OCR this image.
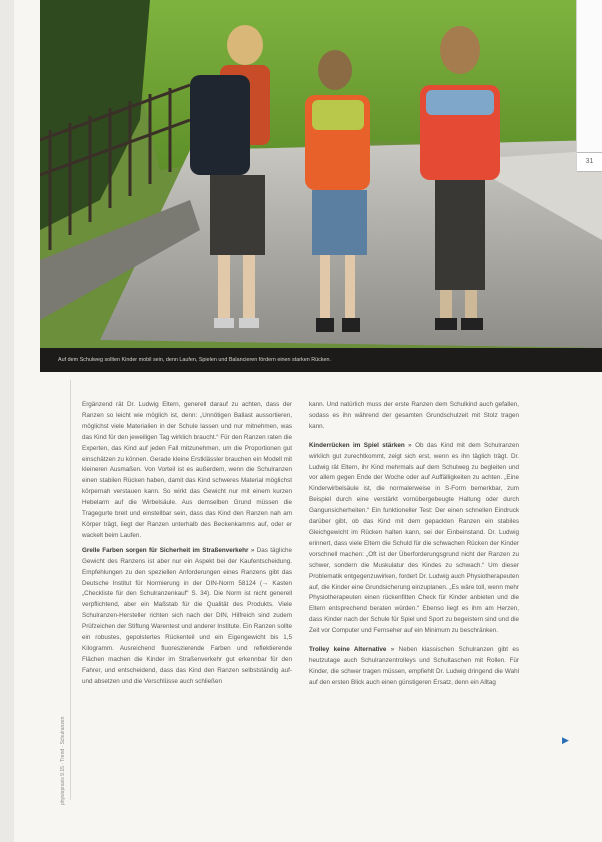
31
Auf dem Schulweg sollten Kinder mobil sein, denn Laufen, Spielen und Balancieren fördern einen starken Rücken.

Ergänzend rät Dr. Ludwig Eltern, generell darauf zu achten, dass der Ranzen so leicht wie möglich ist, denn: „Unnötigen Ballast aussortieren, möglichst viele Materialien in der Schule lassen und nur mitnehmen, was das Kind für den jeweiligen Tag wirklich braucht.“ Für den Ranzen raten die Experten, das Kind auf jeden Fall mitzunehmen, um die Proportionen gut einschätzen zu können. Gerade kleine Erstklässler brauchen ein Modell mit kleineren Ausmaßen. Von Vorteil ist es außerdem, wenn die Schulranzen einen stabilen Rücken haben, damit das Kind schweres Material möglichst körpernah verstauen kann. So wirkt das Gewicht nur mit einem kurzen Hebelarm auf die Wirbelsäule. Aus demselben Grund müssen die Tragegurte breit und einstellbar sein, dass das Kind den Ranzen nah am Körper trägt, liegt der Ranzen unterhalb des Beckenkamms auf, oder er wackelt beim Laufen.

Grelle Farben sorgen für Sicherheit im Straßenverkehr » Das tägliche Gewicht des Ranzens ist aber nur ein Aspekt bei der Kaufentscheidung. Empfehlungen zu den speziellen Anforderungen eines Ranzens gibt das Deutsche Institut für Normierung in der DIN-Norm 58124 (→ Kasten „Checkliste für den Schulranzenkauf“ S. 34). Die Norm ist nicht generell verpflichtend, aber ein Maßstab für die Qualität des Produkts. Viele Schulranzen-Hersteller richten sich nach der DIN, Hilfreich sind zudem Prüfzeichen der Stiftung Warentest und anderer Institute. Ein Ranzen sollte ein robustes, gepolstertes Rückenteil und ein Eigengewicht bis 1,5 Kilogramm. Ausreichend fluoreszierende Farben und reflektierende Flächen machen die Kinder im Straßenverkehr gut erkennbar für den Fahrer, und entscheidend, dass das Kind den Ranzen selbstständig auf- und absetzen und die Verschlüsse auch schließen

kann. Und natürlich muss der erste Ranzen dem Schulkind auch gefallen, sodass es ihn während der gesamten Grundschulzeit mit Stolz tragen kann.

Kinderrücken im Spiel stärken » Ob das Kind mit dem Schulranzen wirklich gut zurechtkommt, zeigt sich erst, wenn es ihn täglich trägt. Dr. Ludwig rät Eltern, ihr Kind mehrmals auf dem Schulweg zu begleiten und vor allem gegen Ende der Woche oder auf Auffälligkeiten zu achten. „Eine Kinderwirbelsäule ist, die normalerweise in S-Form bemerkbar, zum Beispiel durch eine verstärkt vornübergebeugte Haltung oder durch Gangunsicherheiten.“ Ein funktioneller Test: Der einen schnellen Eindruck darüber gibt, ob das Kind mit dem gepackten Ranzen ein stabiles Gleichgewicht im Rücken halten kann, sei der Einbeinstand. Dr. Ludwig erinnert, dass viele Eltern die Schuld für die schwachen Rücken der Kinder vorschnell machen: „Oft ist der Überforderungsgrund nicht der Ranzen zu schwer, sondern die Muskulatur des Kindes zu schwach.“ Um dieser Problematik entgegenzuwirken, fordert Dr. Ludwig auch Physiotherapeuten auf, die Kinder eine Grundsicherung einzuplanen. „Es wäre toll, wenn mehr Physiotherapeuten einen rückenfitten Check für Kinder anbieten und die Eltern entsprechend beraten würden.“ Ebenso liegt es ihm am Herzen, dass Kinder nach der Schule für Spiel und Sport zu begeistern sind und die Zeit vor Computer und Fernseher auf ein Minimum zu beschränken.

Trolley keine Alternative » Neben klassischen Schulranzen gibt es heutzutage auch Schulranzentrolleys und Schultaschen mit Rollen. Für Kinder, die schwer tragen müssen, empfiehlt Dr. Ludwig dringend die Wahl auf den ersten Blick auch einen günstigeren Ersatz, denn ein Alltag

physiopraxis 9.15 · Trend · Schulranzen	▶
